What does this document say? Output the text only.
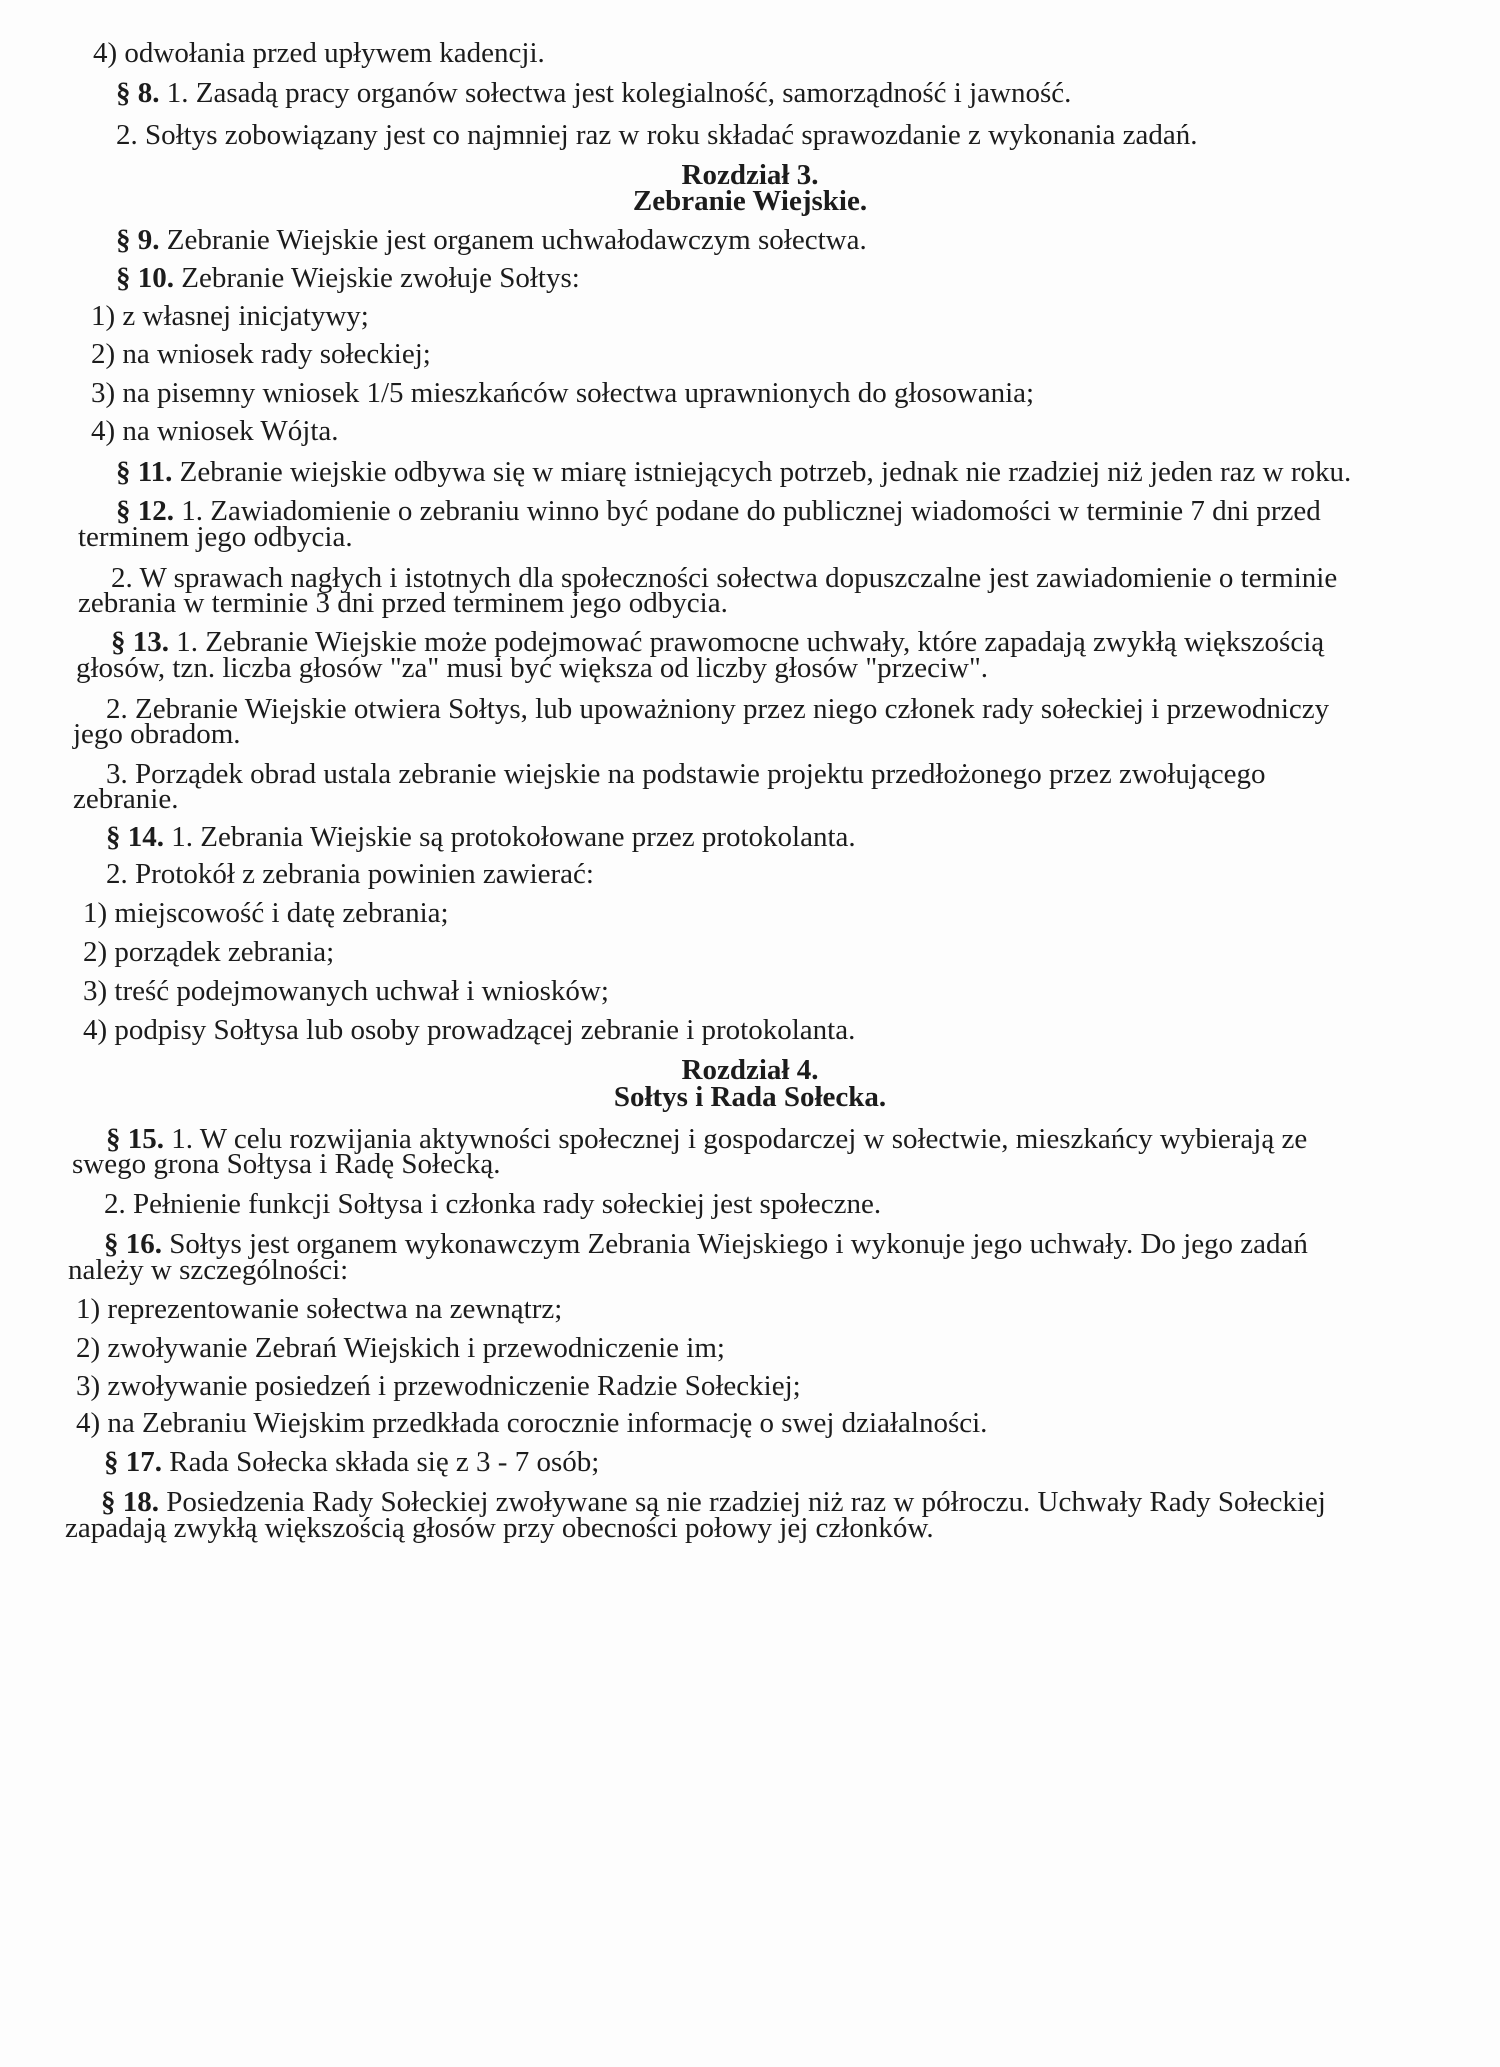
4) odwołania przed upływem kadencji.
§ 8. 1. Zasadą pracy organów sołectwa jest kolegialność, samorządność i jawność.
2. Sołtys zobowiązany jest co najmniej raz w roku składać sprawozdanie z wykonania zadań.
Rozdział 3.
Zebranie Wiejskie.
§ 9. Zebranie Wiejskie jest organem uchwałodawczym sołectwa.
§ 10. Zebranie Wiejskie zwołuje Sołtys:
1) z własnej inicjatywy;
2) na wniosek rady sołeckiej;
3) na pisemny wniosek 1/5 mieszkańców sołectwa uprawnionych do głosowania;
4) na wniosek Wójta.
§ 11. Zebranie wiejskie odbywa się w miarę istniejących potrzeb, jednak nie rzadziej niż jeden raz w roku.
§ 12. 1. Zawiadomienie o zebraniu winno być podane do publicznej wiadomości w terminie 7 dni przed
terminem jego odbycia.
2. W sprawach nagłych i istotnych dla społeczności sołectwa dopuszczalne jest zawiadomienie o terminie
zebrania w terminie 3 dni przed terminem jego odbycia.
§ 13. 1. Zebranie Wiejskie może podejmować prawomocne uchwały, które zapadają zwykłą większością
głosów, tzn. liczba głosów "za" musi być większa od liczby głosów "przeciw".
2. Zebranie Wiejskie otwiera Sołtys, lub upoważniony przez niego członek rady sołeckiej i przewodniczy
jego obradom.
3. Porządek obrad ustala zebranie wiejskie na podstawie projektu przedłożonego przez zwołującego
zebranie.
§ 14. 1. Zebrania Wiejskie są protokołowane przez protokolanta.
2. Protokół z zebrania powinien zawierać:
1) miejscowość i datę zebrania;
2) porządek zebrania;
3) treść podejmowanych uchwał i wniosków;
4) podpisy Sołtysa lub osoby prowadzącej zebranie i protokolanta.
Rozdział 4.
Sołtys i Rada Sołecka.
§ 15. 1. W celu rozwijania aktywności społecznej i gospodarczej w sołectwie, mieszkańcy wybierają ze
swego grona Sołtysa i Radę Sołecką.
2. Pełnienie funkcji Sołtysa i członka rady sołeckiej jest społeczne.
§ 16. Sołtys jest organem wykonawczym Zebrania Wiejskiego i wykonuje jego uchwały. Do jego zadań
należy w szczególności:
1) reprezentowanie sołectwa na zewnątrz;
2) zwoływanie Zebrań Wiejskich i przewodniczenie im;
3) zwoływanie posiedzeń i przewodniczenie Radzie Sołeckiej;
4) na Zebraniu Wiejskim przedkłada corocznie informację o swej działalności.
§ 17. Rada Sołecka składa się z 3 - 7 osób;
§ 18. Posiedzenia Rady Sołeckiej zwoływane są nie rzadziej niż raz w półroczu. Uchwały Rady Sołeckiej
zapadają zwykłą większością głosów przy obecności połowy jej członków.
